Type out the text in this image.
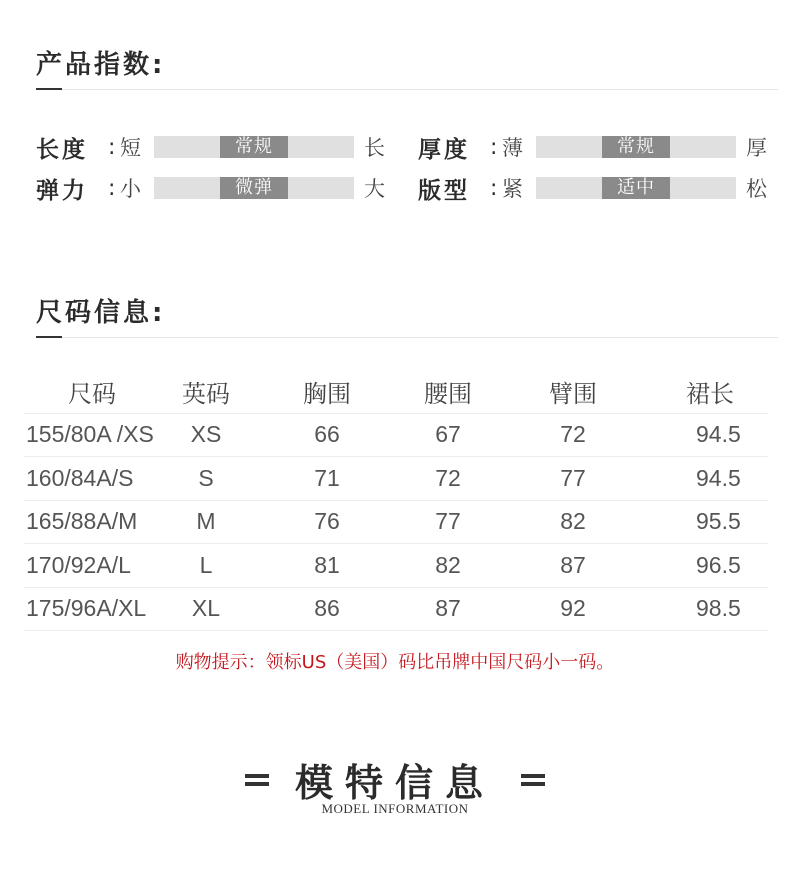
产品指数:
长度 : 短	常规	长 厚度 : 薄	常规	厚
弹力 : 小	微弹	大 版型 : 紧	适中	松
尺码信息:
尺码	英码	胸围	腰围	臂围	裙长
155/80A /XS	XS	66	67	72	94.5
160/84A/S	S	71	72	77	94.5
165/88A/M	M	76	77	82	95.5
170/92A/L	L	81	82	87	96.5
175/96A/XL	XL	86	87	92	98.5
购物提示：领标US（美国）码比吊牌中国尺码小一码。
模特信息
MODEL INFORMATION
